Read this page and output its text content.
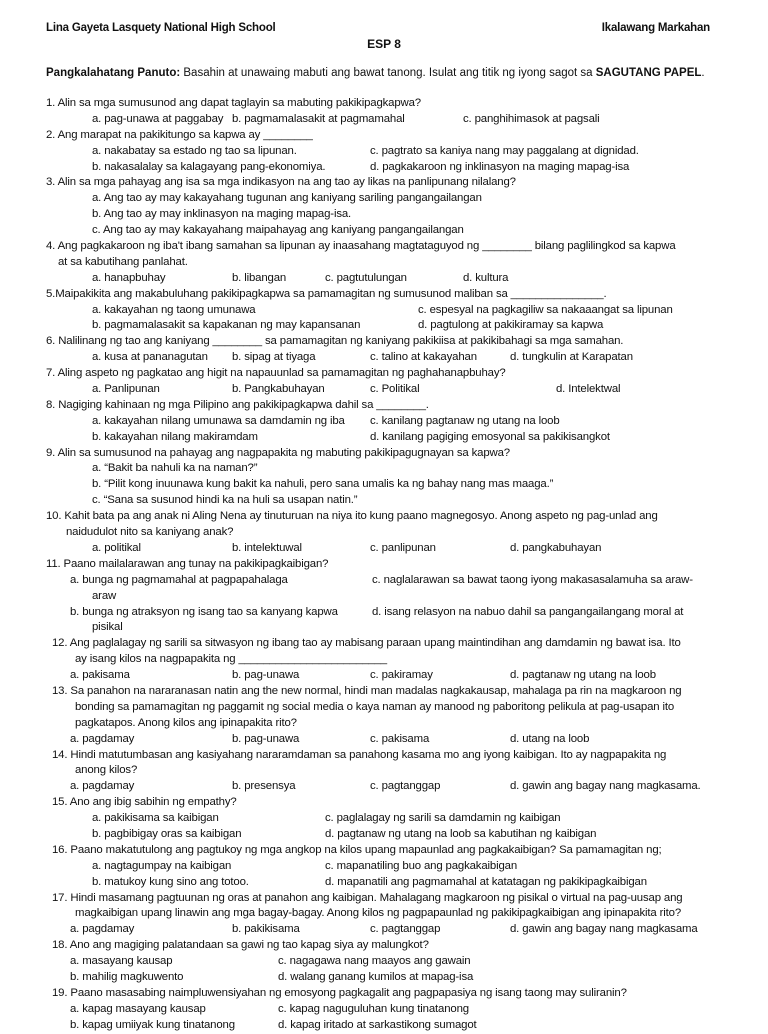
Lina Gayeta Lasquety National High School	Ikalawang Markahan
ESP 8
Pangkalahatang Panuto: Basahin at unawaing mabuti ang bawat tanong. Isulat ang titik ng iyong sagot sa SAGUTANG PAPEL.
1. Alin sa mga sumusunod ang dapat taglayin sa mabuting pakikipagkapwa?
a. pag-unawa at paggabay b. pagmamalasakit at pagmamahal	c. panghihimasok at pagsali
2. Ang marapat na pakikitungo sa kapwa ay ________
a. nakabatay sa estado ng tao sa lipunan.	c. pagtrato sa kaniya nang may paggalang at dignidad.
b. nakasalalay sa kalagayang pang-ekonomiya.	d. pagkakaroon ng inklinasyon na maging mapag-isa
3. Alin sa mga pahayag ang isa sa mga indikasyon na ang tao ay likas na panlipunang nilalang?
a. Ang tao ay may kakayahang tugunan ang kaniyang sariling pangangailangan
b. Ang tao ay may inklinasyon na maging mapag-isa.
c. Ang tao ay may kakayahang maipahayag ang kaniyang pangangailangan
4. Ang pagkakaroon ng iba't ibang samahan sa lipunan ay inaasahang magtataguyod ng ________ bilang paglilingkod sa kapwa
at sa kabutihang panlahat.
a. hanapbuhay	b. libangan	c. pagtutulungan	d. kultura
5.Maipakikita ang makabuluhang pakikipagkapwa sa pamamagitan ng sumusunod maliban sa _______________.
a. kakayahan ng taong umunawa	c. espesyal na pagkagiliw sa nakaaangat sa lipunan
b. pagmamalasakit sa kapakanan ng may kapansanan	d. pagtulong at pakikiramay sa kapwa
6. Nalilinang ng tao ang kaniyang ________ sa pamamagitan ng kaniyang pakikiisa at pakikibahagi sa mga samahan.
a. kusa at pananagutan b. sipag at tiyaga	c. talino at kakayahan	d. tungkulin at Karapatan
7. Aling aspeto ng pagkatao ang higit na napauunlad sa pamamagitan ng paghahanapbuhay?
a. Panlipunan	b. Pangkabuhayan	c. Politikal	d. Intelektwal
8. Nagiging kahinaan ng mga Pilipino ang pakikipagkapwa dahil sa ________.
a. kakayahan nilang umunawa sa damdamin ng iba c. kanilang pagtanaw ng utang na loob
b. kakayahan nilang makiramdam	d. kanilang pagiging emosyonal sa pakikisangkot
9. Alin sa sumusunod na pahayag ang nagpapakita ng mabuting pakikipagugnayan sa kapwa?
a. “Bakit ba nahuli ka na naman?”
b. “Pilit kong inuunawa kung bakit ka nahuli, pero sana umalis ka ng bahay nang mas maaga.”
c. “Sana sa susunod hindi ka na huli sa usapan natin.”
10. Kahit bata pa ang anak ni Aling Nena ay tinuturuan na niya ito kung paano magnegosyo. Anong aspeto ng pag-unlad ang
naidudulot nito sa kaniyang anak?
a. politikal	b. intelektuwal	c. panlipunan	d. pangkabuhayan
11. Paano mailalarawan ang tunay na pakikipagkaibigan?
a. bunga ng pagmamahal at pagpapahalaga	c. naglalarawan sa bawat taong iyong makasasalamuha sa araw-
araw
b. bunga ng atraksyon ng isang tao sa kanyang kapwa	d. isang relasyon na nabuo dahil sa pangangailangang moral at
pisikal
12. Ang paglalagay ng sarili sa sitwasyon ng ibang tao ay mabisang paraan upang maintindihan ang damdamin ng bawat isa. Ito
ay isang kilos na nagpapakita ng ________________________
a. pakisama	b. pag-unawa	c. pakiramay	d. pagtanaw ng utang na loob
13. Sa panahon na nararanasan natin ang the new normal, hindi man madalas nagkakausap, mahalaga pa rin na magkaroon ng
bonding sa pamamagitan ng paggamit ng social media o kaya naman ay manood ng paboritong pelikula at pag-usapan ito
pagkatapos. Anong kilos ang ipinapakita rito?
a. pagdamay	b. pag-unawa	c. pakisama	d. utang na loob
14. Hindi matutumbasan ang kasiyahang nararamdaman sa panahong kasama mo ang iyong kaibigan. Ito ay nagpapakita ng
anong kilos?
a. pagdamay	b. presensya	c. pagtanggap	d. gawin ang bagay nang magkasama.
15. Ano ang ibig sabihin ng empathy?
a. pakikisama sa kaibigan	c. paglalagay ng sarili sa damdamin ng kaibigan
b. pagbibigay oras sa kaibigan	d. pagtanaw ng utang na loob sa kabutihan ng kaibigan
16. Paano makatutulong ang pagtukoy ng mga angkop na kilos upang mapaunlad ang pagkakaibigan? Sa pamamagitan ng;
a. nagtagumpay na kaibigan	c. mapanatiling buo ang pagkakaibigan
b. matukoy kung sino ang totoo.	d. mapanatili ang pagmamahal at katatagan ng pakikipagkaibigan
17. Hindi masamang pagtuunan ng oras at panahon ang kaibigan. Mahalagang magkaroon ng pisikal o virtual na pag-uusap ang
magkaibigan upang linawin ang mga bagay-bagay. Anong kilos ng pagpapaunlad ng pakikipagkaibigan ang ipinapakita rito?
a. pagdamay	b. pakikisama	c. pagtanggap	d. gawin ang bagay nang magkasama
18. Ano ang magiging palatandaan sa gawi ng tao kapag siya ay malungkot?
a. masayang kausap	c. nagagawa nang maayos ang gawain
b. mahilig magkuwento	d. walang ganang kumilos at mapag-isa
19. Paano masasabing naimpluwensiyahan ng emosyong pagkagalit ang pagpapasiya ng isang taong may suliranin?
a. kapag masayang kausap	c. kapag naguguluhan kung tinatanong
b. kapag umiiyak kung tinatanong	d. kapag iritado at sarkastikong sumagot
